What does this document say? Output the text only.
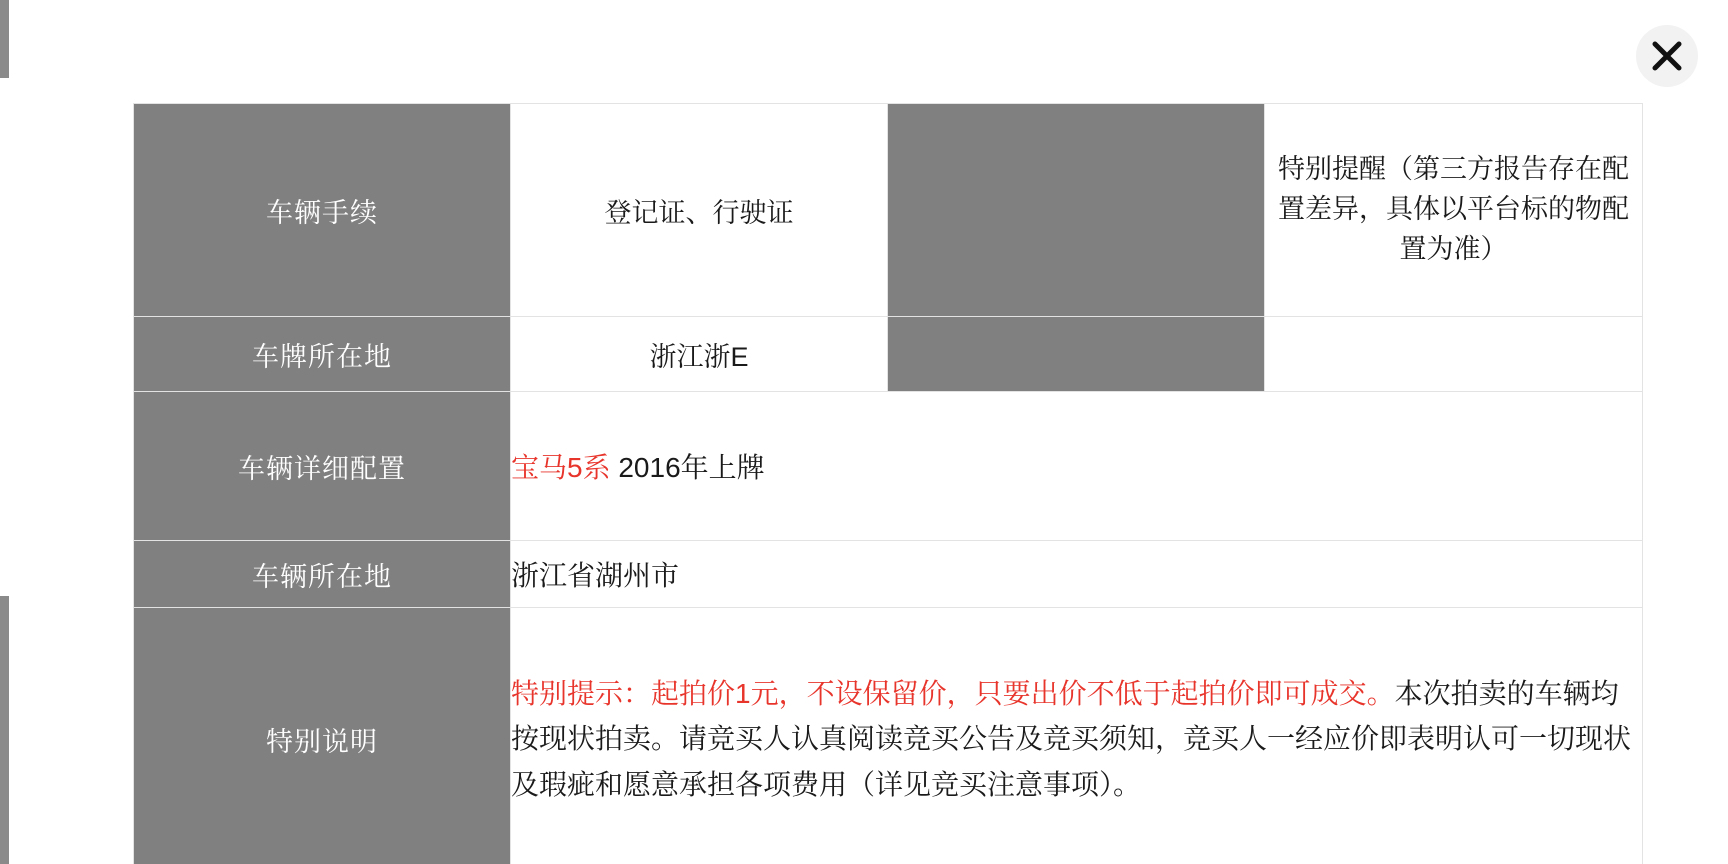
车辆手续	登记证、行驶证		特别提醒（第三方报告存在配置差异，具体以平台标的物配置为准）
车牌所在地	浙江浙E		
车辆详细配置	宝马5系 2016年上牌		
车辆所在地	浙江省湖州市		
特别说明	特别提示：起拍价1元，不设保留价，只要出价不低于起拍价即可成交。本次拍卖的车辆均按现状拍卖。请竞买人认真阅读竞买公告及竞买须知，竞买人一经应价即表明认可一切现状及瑕疵和愿意承担各项费用（详见竞买注意事项）。		
